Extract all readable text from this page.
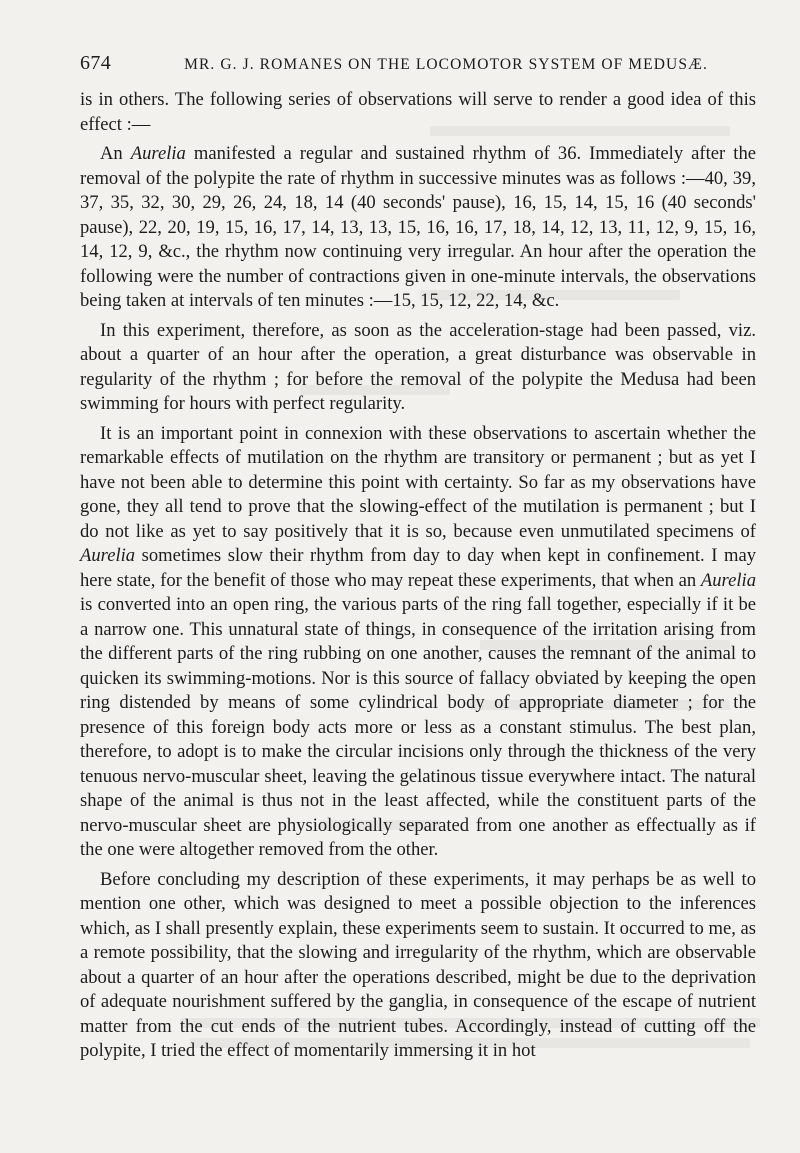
674	MR. G. J. ROMANES ON THE LOCOMOTOR SYSTEM OF MEDUSÆ.

is in others. The following series of observations will serve to render a good idea of this effect :—

An Aurelia manifested a regular and sustained rhythm of 36. Immediately after the removal of the polypite the rate of rhythm in successive minutes was as follows :—40, 39, 37, 35, 32, 30, 29, 26, 24, 18, 14 (40 seconds' pause), 16, 15, 14, 15, 16 (40 seconds' pause), 22, 20, 19, 15, 16, 17, 14, 13, 13, 15, 16, 16, 17, 18, 14, 12, 13, 11, 12, 9, 15, 16, 14, 12, 9, &c., the rhythm now continuing very irregular. An hour after the operation the following were the number of contractions given in one-minute intervals, the observations being taken at intervals of ten minutes :—15, 15, 12, 22, 14, &c.

In this experiment, therefore, as soon as the acceleration-stage had been passed, viz. about a quarter of an hour after the operation, a great disturbance was observable in regularity of the rhythm ; for before the removal of the polypite the Medusa had been swimming for hours with perfect regularity.

It is an important point in connexion with these observations to ascertain whether the remarkable effects of mutilation on the rhythm are transitory or permanent ; but as yet I have not been able to determine this point with certainty. So far as my observations have gone, they all tend to prove that the slowing-effect of the mutilation is permanent ; but I do not like as yet to say positively that it is so, because even unmutilated specimens of Aurelia sometimes slow their rhythm from day to day when kept in confinement. I may here state, for the benefit of those who may repeat these experiments, that when an Aurelia is converted into an open ring, the various parts of the ring fall together, especially if it be a narrow one. This unnatural state of things, in consequence of the irritation arising from the different parts of the ring rubbing on one another, causes the remnant of the animal to quicken its swimming-motions. Nor is this source of fallacy obviated by keeping the open ring distended by means of some cylindrical body of appropriate diameter ; for the presence of this foreign body acts more or less as a constant stimulus. The best plan, therefore, to adopt is to make the circular incisions only through the thickness of the very tenuous nervo-muscular sheet, leaving the gelatinous tissue everywhere intact. The natural shape of the animal is thus not in the least affected, while the constituent parts of the nervo-muscular sheet are physiologically separated from one another as effectually as if the one were altogether removed from the other.

Before concluding my description of these experiments, it may perhaps be as well to mention one other, which was designed to meet a possible objection to the inferences which, as I shall presently explain, these experiments seem to sustain. It occurred to me, as a remote possibility, that the slowing and irregularity of the rhythm, which are observable about a quarter of an hour after the operations described, might be due to the deprivation of adequate nourishment suffered by the ganglia, in consequence of the escape of nutrient matter from the cut ends of the nutrient tubes. Accordingly, instead of cutting off the polypite, I tried the effect of momentarily immersing it in hot
